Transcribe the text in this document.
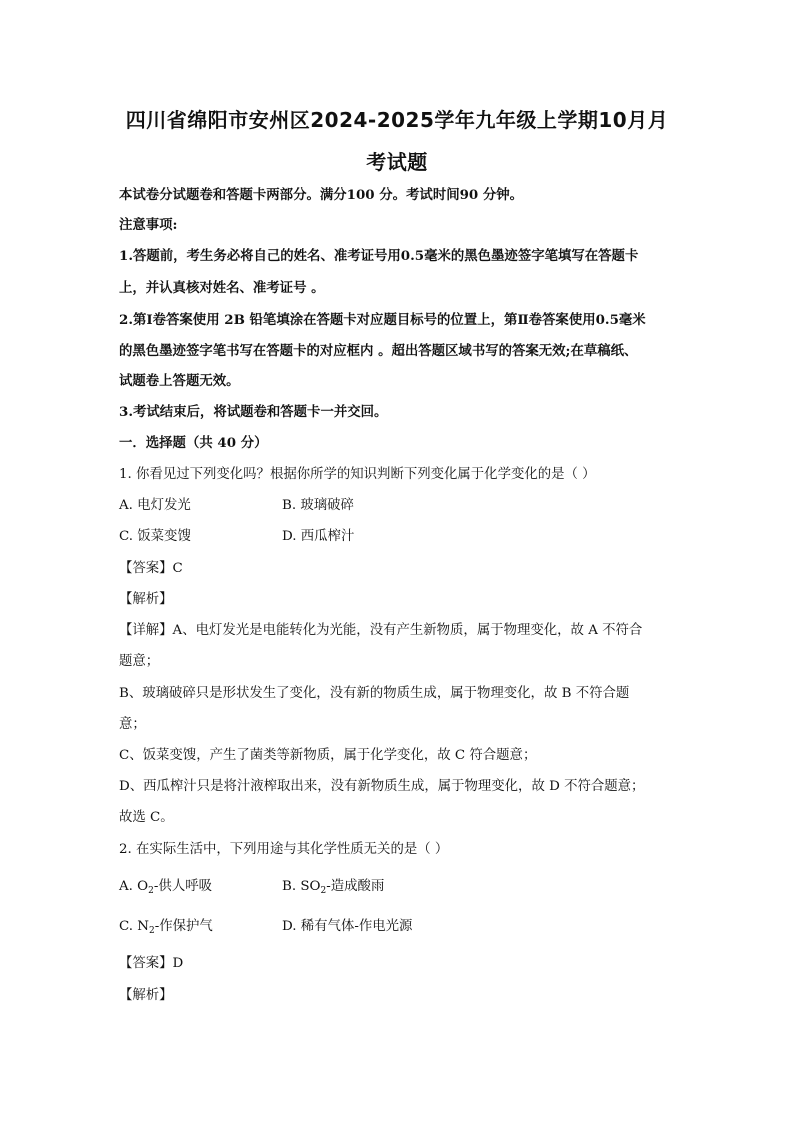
四川省绵阳市安州区2024-2025学年九年级上学期10月月
考试题
本试卷分试题卷和答题卡两部分。满分100 分。考试时间90 分钟。
注意事项:
1.答题前，考生务必将自己的姓名、准考证号用0.5毫米的黑色墨迹签字笔填写在答题卡
上，并认真核对姓名、准考证号 。
2.第Ⅰ卷答案使用 2B 铅笔填涂在答题卡对应题目标号的位置上，第Ⅱ卷答案使用0.5毫米
的黑色墨迹签字笔书写在答题卡的对应框内 。超出答题区域书写的答案无效;在草稿纸、
试题卷上答题无效。
3.考试结束后，将试题卷和答题卡一并交回。
一．选择题（共 40 分）
1. 你看见过下列变化吗？根据你所学的知识判断下列变化属于化学变化的是（ ）
A. 电灯发光	B. 玻璃破碎
C. 饭菜变馊	D. 西瓜榨汁
【答案】C
【解析】
【详解】A、电灯发光是电能转化为光能，没有产生新物质，属于物理变化，故 A 不符合
题意；
B、玻璃破碎只是形状发生了变化，没有新的物质生成，属于物理变化，故 B 不符合题
意；
C、饭菜变馊，产生了菌类等新物质，属于化学变化，故 C 符合题意；
D、西瓜榨汁只是将汁液榨取出来，没有新物质生成，属于物理变化，故 D 不符合题意；
故选 C。
2. 在实际生活中，下列用途与其化学性质无关的是（ ）
A. $O_2-$供人呼吸	B. $SO_2-$造成酸雨
C. $N_2-$作保护气	D. 稀有气体-作电光源
【答案】D
【解析】
